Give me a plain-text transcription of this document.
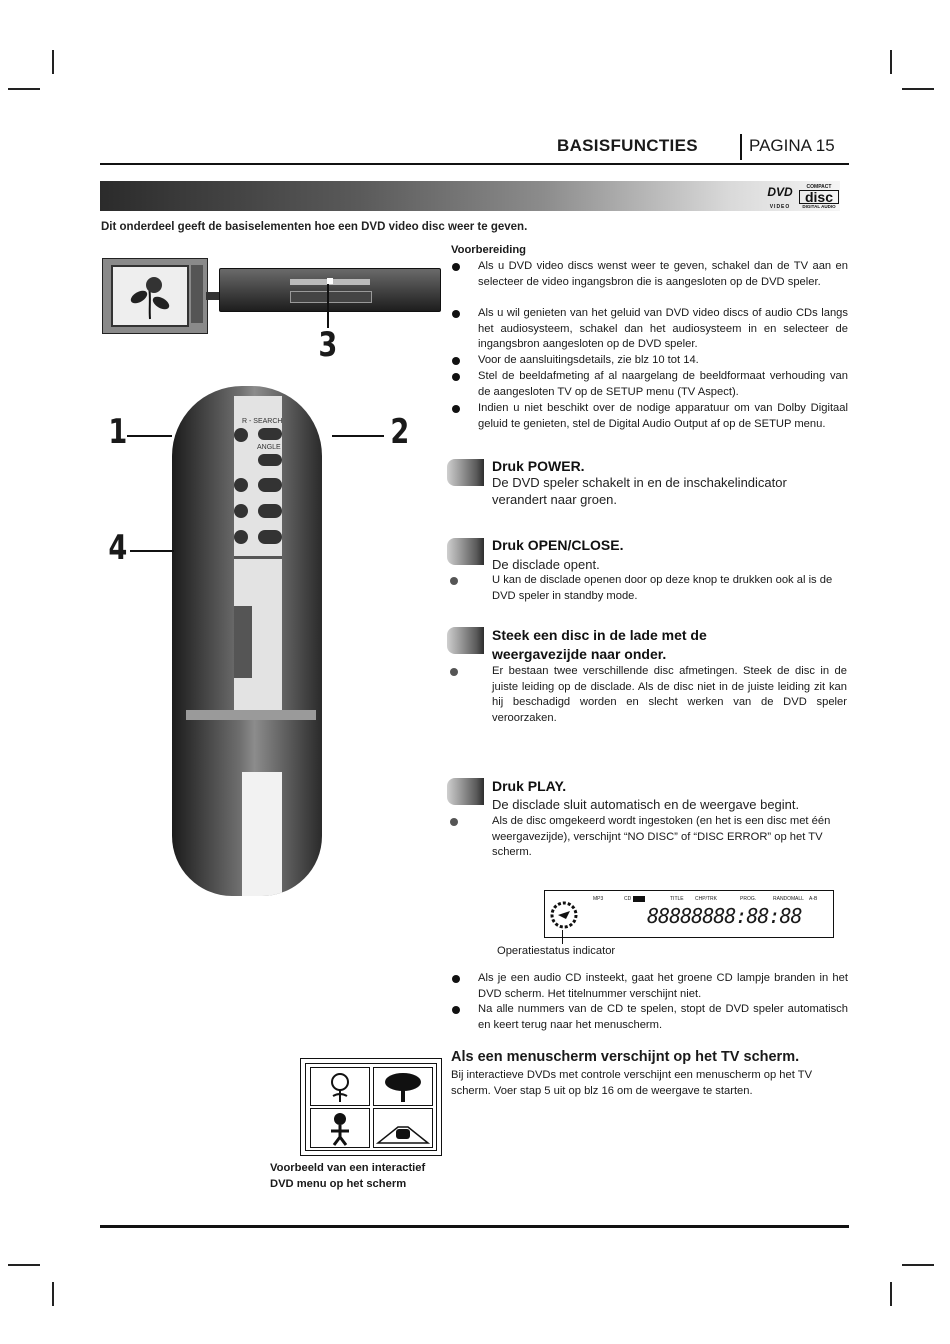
BASISFUNCTIES	PAGINA 15
DVD
VIDEO
COMPACT
disc
DIGITAL AUDIO
Dit onderdeel geeft de basiselementen hoe een DVD video disc weer te geven.
3
R - SEARCH
ANGLE
1	2
4
Voorbereiding
Als u DVD video discs wenst weer te geven, schakel dan de TV aan en selecteer de video ingangsbron die is aangesloten op de DVD speler.
Als u wil genieten van het geluid van DVD video discs of audio CDs langs het audiosysteem, schakel dan het audiosysteem in en selecteer de ingangsbron aangesloten op de DVD speler.
Voor de aansluitingsdetails, zie blz 10 tot 14.
Stel de beeldafmeting af al naargelang de beeldformaat verhouding van de aangesloten TV op de SETUP menu (TV Aspect).
Indien u niet beschikt over de nodige apparatuur om van Dolby Digitaal geluid te genieten, stel de Digital Audio Output af op de SETUP menu.
Druk POWER.
De DVD speler schakelt in en de inschakelindicator verandert naar groen.
Druk OPEN/CLOSE.
De disclade opent.
U kan de disclade openen door op deze knop te drukken ook al is de DVD speler in standby mode.
Steek een disc in de lade met de weergavezijde naar onder.
Er bestaan twee verschillende disc afmetingen. Steek de disc in de juiste leiding op de disclade. Als de disc niet in de juiste leiding zit kan hij beschadigd worden en slecht werken van de DVD speler veroorzaken.
Druk PLAY.
De disclade sluit automatisch en de weergave begint.
Als de disc omgekeerd wordt ingestoken (en het is een disc met één weergavezijde), verschijnt “NO DISC” of “DISC ERROR” op het TV scherm.
MP3	CD	TITLE CHP/TRK	PROG.	RANDOM ALL A-B
88888888:88:88
Operatiestatus indicator
Als je een audio CD insteekt, gaat het groene CD lampje branden in het DVD scherm. Het titelnummer verschijnt niet.
Na alle nummers van de CD te spelen, stopt de DVD speler automatisch en keert terug naar het menuscherm.
Als een menuscherm verschijnt op het TV scherm.
Bij interactieve DVDs met controle verschijnt een menuscherm op het TV scherm. Voer stap 5 uit op blz 16 om de weergave te starten.
Voorbeeld van een interactief
DVD menu op het scherm
